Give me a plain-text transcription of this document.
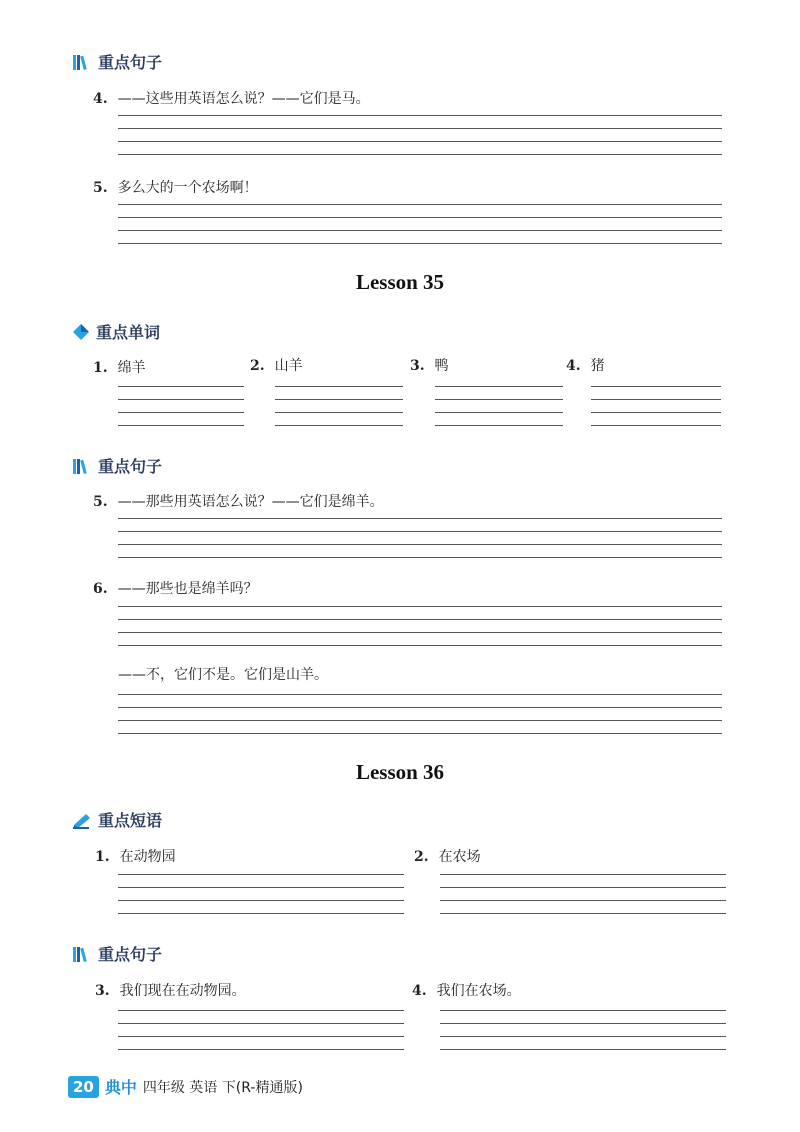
重点句子
4. ——这些用英语怎么说？——它们是马。
5. 多么大的一个农场啊！
Lesson 35
重点单词
1. 绵羊	2. 山羊	3. 鸭	4. 猪
重点句子
5. ——那些用英语怎么说？——它们是绵羊。
6. ——那些也是绵羊吗？
——不，它们不是。它们是山羊。
Lesson 36
重点短语
1. 在动物园	2. 在农场
重点句子
3. 我们现在在动物园。	4. 我们在农场。
20 典中 四年级 英语 下(R-精通版)
